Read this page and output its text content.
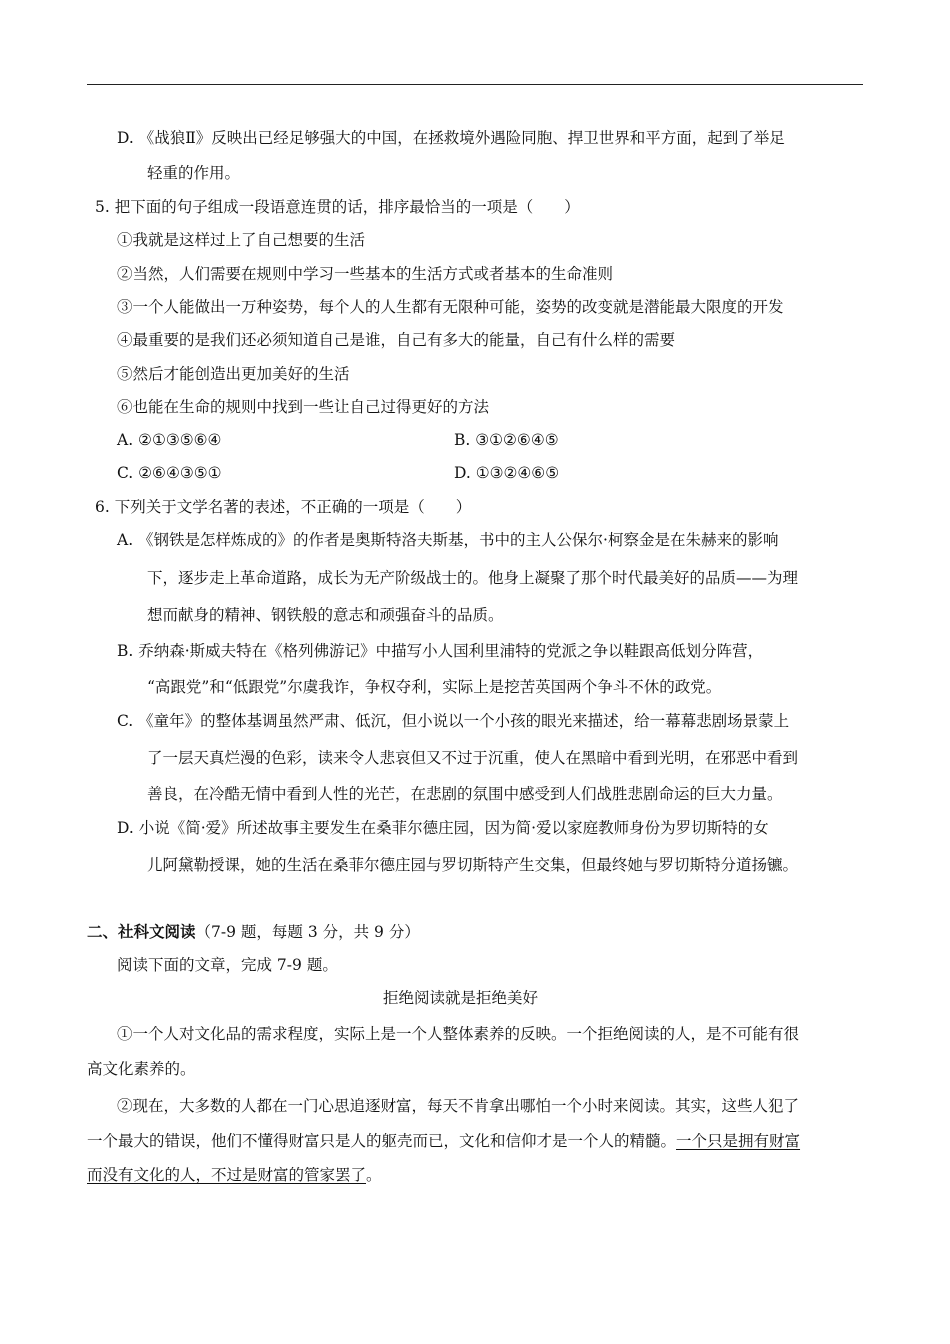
D. 《战狼Ⅱ》反映出已经足够强大的中国，在拯救境外遇险同胞、捍卫世界和平方面，起到了举足
轻重的作用。
5. 把下面的句子组成一段语意连贯的话，排序最恰当的一项是（　　）
①我就是这样过上了自己想要的生活
②当然，人们需要在规则中学习一些基本的生活方式或者基本的生命准则
③一个人能做出一万种姿势，每个人的人生都有无限种可能，姿势的改变就是潜能最大限度的开发
④最重要的是我们还必须知道自己是谁，自己有多大的能量，自己有什么样的需要
⑤然后才能创造出更加美好的生活
⑥也能在生命的规则中找到一些让自己过得更好的方法
A. ②①③⑤⑥④	B. ③①②⑥④⑤
C. ②⑥④③⑤①	D. ①③②④⑥⑤
6. 下列关于文学名著的表述，不正确的一项是（　　）
A. 《钢铁是怎样炼成的》的作者是奥斯特洛夫斯基，书中的主人公保尔·柯察金是在朱赫来的影响
下，逐步走上革命道路，成长为无产阶级战士的。他身上凝聚了那个时代最美好的品质——为理
想而献身的精神、钢铁般的意志和顽强奋斗的品质。
B. 乔纳森·斯威夫特在《格列佛游记》中描写小人国利里浦特的党派之争以鞋跟高低划分阵营，
“高跟党”和“低跟党”尔虞我诈，争权夺利，实际上是挖苦英国两个争斗不休的政党。
C. 《童年》的整体基调虽然严肃、低沉，但小说以一个小孩的眼光来描述，给一幕幕悲剧场景蒙上
了一层天真烂漫的色彩，读来令人悲哀但又不过于沉重，使人在黑暗中看到光明，在邪恶中看到
善良，在冷酷无情中看到人性的光芒，在悲剧的氛围中感受到人们战胜悲剧命运的巨大力量。
D. 小说《简·爱》所述故事主要发生在桑菲尔德庄园，因为简·爱以家庭教师身份为罗切斯特的女
儿阿黛勒授课，她的生活在桑菲尔德庄园与罗切斯特产生交集，但最终她与罗切斯特分道扬镳。
二、社科文阅读（7-9 题，每题 3 分，共 9 分）
阅读下面的文章，完成 7-9 题。
拒绝阅读就是拒绝美好
①一个人对文化品的需求程度，实际上是一个人整体素养的反映。一个拒绝阅读的人，是不可能有很
高文化素养的。
②现在，大多数的人都在一门心思追逐财富，每天不肯拿出哪怕一个小时来阅读。其实，这些人犯了
一个最大的错误，他们不懂得财富只是人的躯壳而已，文化和信仰才是一个人的精髓。一个只是拥有财富
而没有文化的人，不过是财富的管家罢了。
